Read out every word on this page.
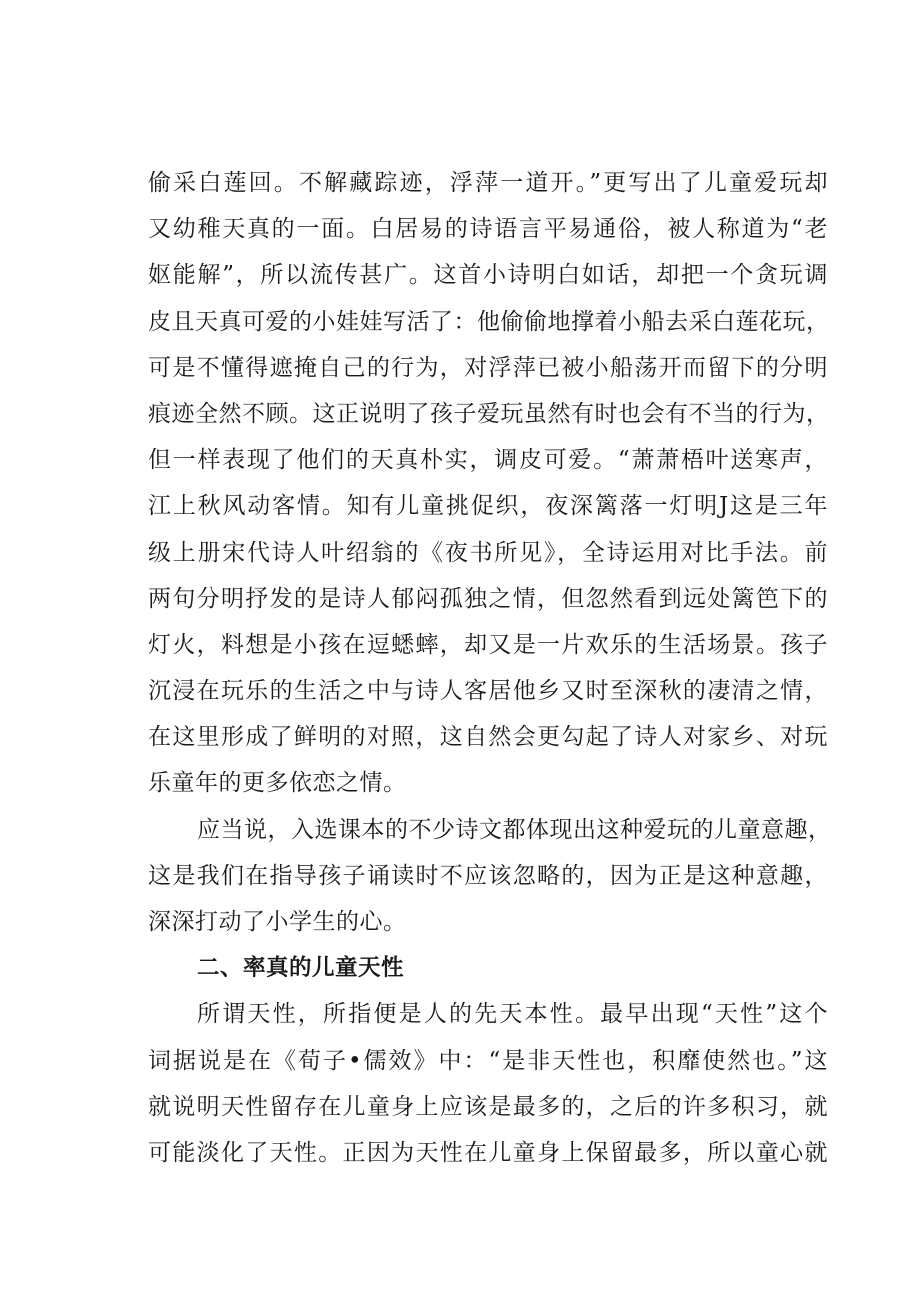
偷采白莲回。不解藏踪迹，浮萍一道开。”更写出了儿童爱玩却
又幼稚天真的一面。白居易的诗语言平易通俗，被人称道为“老
妪能解”，所以流传甚广。这首小诗明白如话，却把一个贪玩调
皮且天真可爱的小娃娃写活了：他偷偷地撑着小船去采白莲花玩，
可是不懂得遮掩自己的行为，对浮萍已被小船荡开而留下的分明
痕迹全然不顾。这正说明了孩子爱玩虽然有时也会有不当的行为，
但一样表现了他们的天真朴实，调皮可爱。“萧萧梧叶送寒声，
江上秋风动客情。知有儿童挑促织，夜深篱落一灯明J这是三年
级上册宋代诗人叶绍翁的《夜书所见》，全诗运用对比手法。前
两句分明抒发的是诗人郁闷孤独之情，但忽然看到远处篱笆下的
灯火，料想是小孩在逗蟋蟀，却又是一片欢乐的生活场景。孩子
沉浸在玩乐的生活之中与诗人客居他乡又时至深秋的凄清之情，
在这里形成了鲜明的对照，这自然会更勾起了诗人对家乡、对玩
乐童年的更多依恋之情。
应当说，入选课本的不少诗文都体现出这种爱玩的儿童意趣，
这是我们在指导孩子诵读时不应该忽略的，因为正是这种意趣，
深深打动了小学生的心。
二、率真的儿童天性
所谓天性，所指便是人的先天本性。最早出现“天性”这个
词据说是在《荀子•儒效》中：“是非天性也，积靡使然也。”这
就说明天性留存在儿童身上应该是最多的，之后的许多积习，就
可能淡化了天性。正因为天性在儿童身上保留最多，所以童心就
